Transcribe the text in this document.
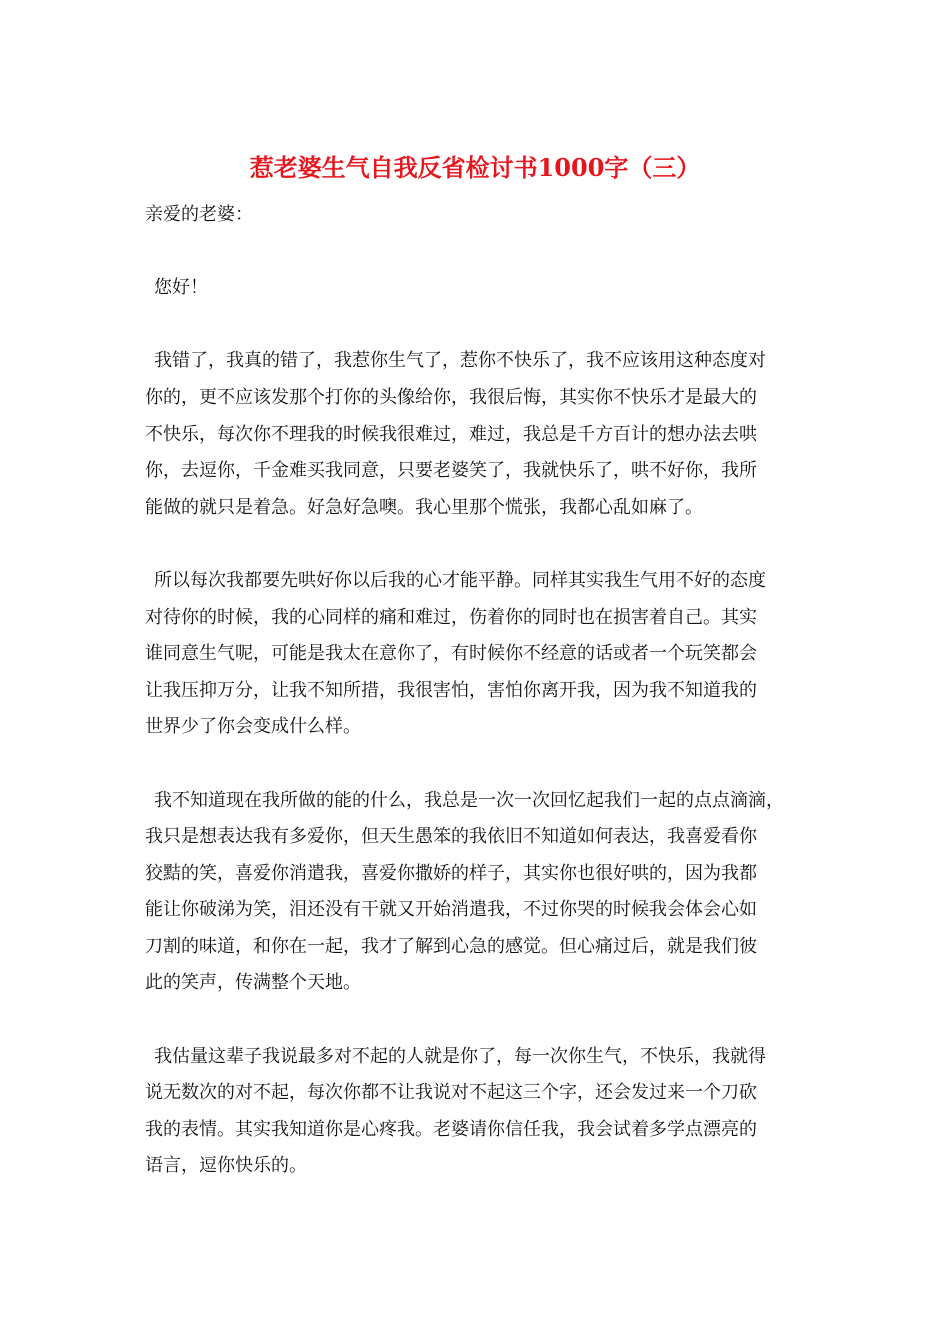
惹老婆生气自我反省检讨书1000字（三）
亲爱的老婆：
您好！
我错了，我真的错了，我惹你生气了，惹你不快乐了，我不应该用这种态度对
你的，更不应该发那个打你的头像给你，我很后悔，其实你不快乐才是最大的
不快乐，每次你不理我的时候我很难过，难过，我总是千方百计的想办法去哄
你，去逗你，千金难买我同意，只要老婆笑了，我就快乐了，哄不好你，我所
能做的就只是着急。好急好急噢。我心里那个慌张，我都心乱如麻了。
所以每次我都要先哄好你以后我的心才能平静。同样其实我生气用不好的态度
对待你的时候，我的心同样的痛和难过，伤着你的同时也在损害着自己。其实
谁同意生气呢，可能是我太在意你了，有时候你不经意的话或者一个玩笑都会
让我压抑万分，让我不知所措，我很害怕，害怕你离开我，因为我不知道我的
世界少了你会变成什么样。
我不知道现在我所做的能的什么，我总是一次一次回忆起我们一起的点点滴滴，
我只是想表达我有多爱你，但天生愚笨的我依旧不知道如何表达，我喜爱看你
狡黠的笑，喜爱你消遣我，喜爱你撒娇的样子，其实你也很好哄的，因为我都
能让你破涕为笑，泪还没有干就又开始消遣我，不过你哭的时候我会体会心如
刀割的味道，和你在一起，我才了解到心急的感觉。但心痛过后，就是我们彼
此的笑声，传满整个天地。
我估量这辈子我说最多对不起的人就是你了，每一次你生气，不快乐，我就得
说无数次的对不起，每次你都不让我说对不起这三个字，还会发过来一个刀砍
我的表情。其实我知道你是心疼我。老婆请你信任我，我会试着多学点漂亮的
语言，逗你快乐的。
